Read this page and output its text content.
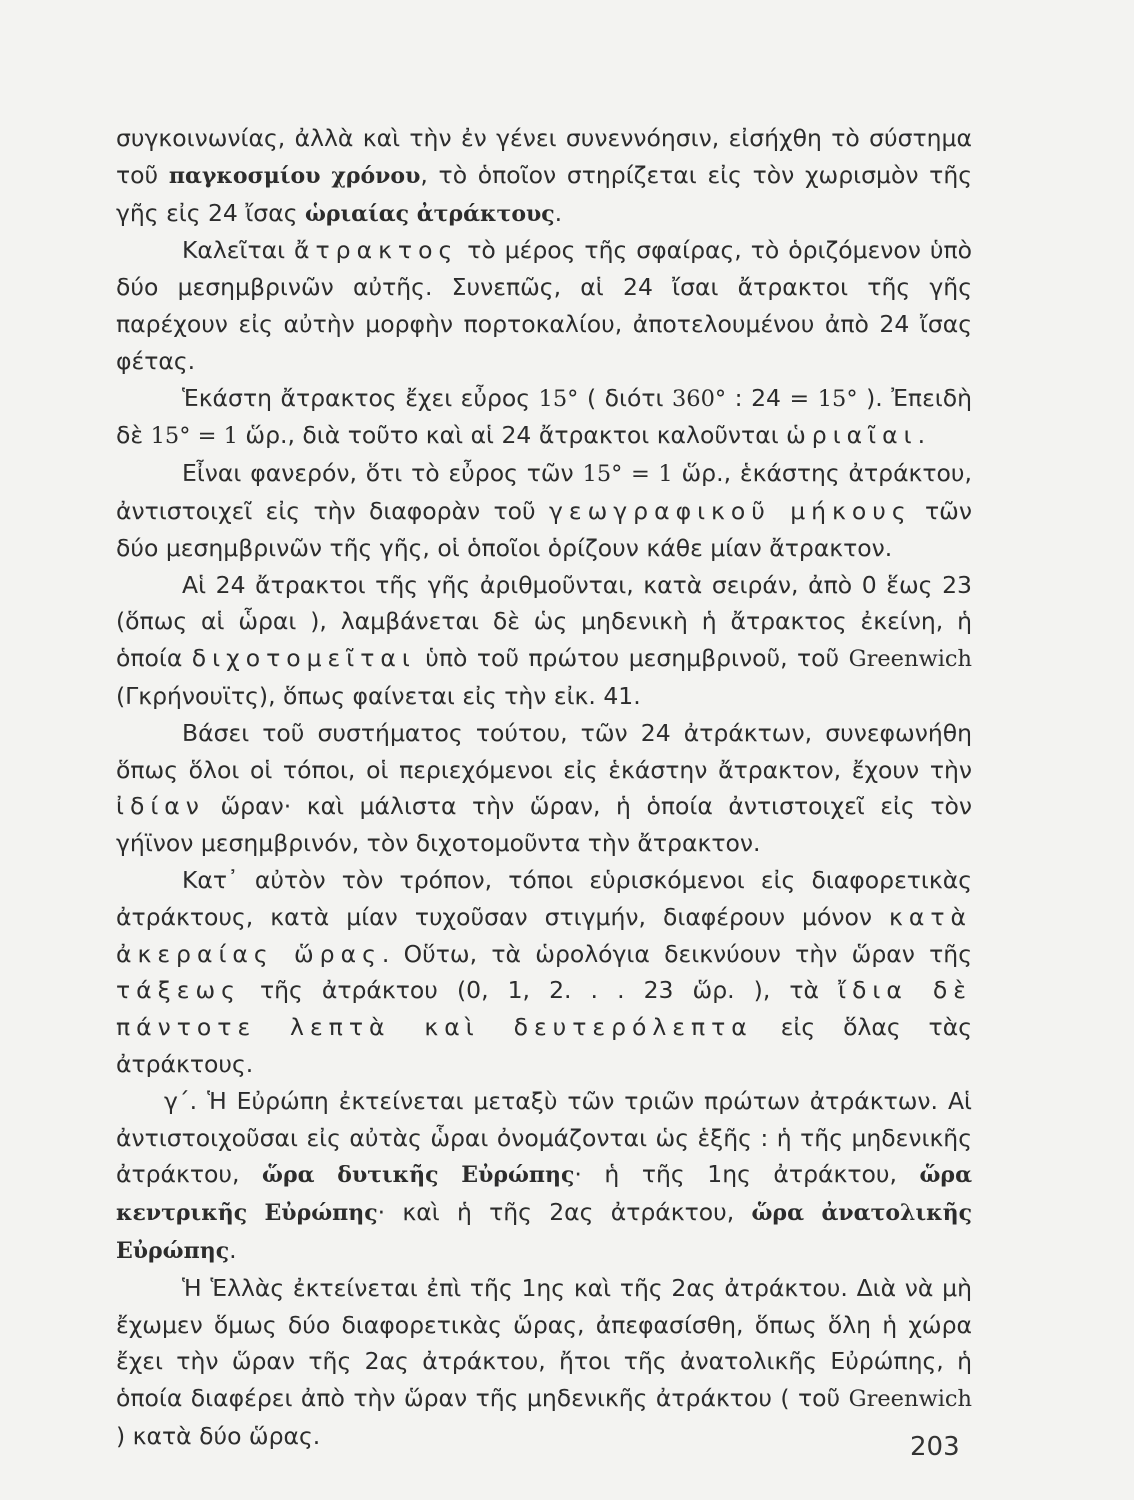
συγκοινωνίας, ἀλλὰ καὶ τὴν ἐν γένει συνεννόησιν, εἰσήχθη τὸ σύστημα τοῦ παγκοσμίου χρόνου, τὸ ὁποῖον στηρίζεται εἰς τὸν χωρισμὸν τῆς γῆς εἰς 24 ἴσας ὡριαίας ἀτράκτους.

Καλεῖται ἄτρακτος τὸ μέρος τῆς σφαίρας, τὸ ὁριζόμενον ὑπὸ δύο μεσημβρινῶν αὐτῆς. Συνεπῶς, αἱ 24 ἴσαι ἄτρακτοι τῆς γῆς παρέχουν εἰς αὐτὴν μορφὴν πορτοκαλίου, ἀποτελουμένου ἀπὸ 24 ἴσας φέτας.

Ἑκάστη ἄτρακτος ἔχει εὖρος 15° ( διότι 360° : 24 = 15° ). Ἐπειδὴ δὲ 15° = 1 ὥρ., διὰ τοῦτο καὶ αἱ 24 ἄτρακτοι καλοῦνται ὡριαῖαι.

Εἶναι φανερόν, ὅτι τὸ εὖρος τῶν 15° = 1 ὥρ., ἑκάστης ἀτράκτου, ἀντιστοιχεῖ εἰς τὴν διαφορὰν τοῦ γεωγραφικοῦ μήκους τῶν δύο μεσημβρινῶν τῆς γῆς, οἱ ὁποῖοι ὁρίζουν κάθε μίαν ἄτρακτον.

Αἱ 24 ἄτρακτοι τῆς γῆς ἀριθμοῦνται, κατὰ σειράν, ἀπὸ 0 ἕως 23 (ὅπως αἱ ὧραι ), λαμβάνεται δὲ ὡς μηδενικὴ ἡ ἄτρακτος ἐκείνη, ἡ ὁποία διχοτομεῖται ὑπὸ τοῦ πρώτου μεσημβρινοῦ, τοῦ Greenwich (Γκρήνουϊτς), ὅπως φαίνεται εἰς τὴν εἰκ. 41.

Βάσει τοῦ συστήματος τούτου, τῶν 24 ἀτράκτων, συνεφωνήθη ὅπως ὅλοι οἱ τόποι, οἱ περιεχόμενοι εἰς ἑκάστην ἄτρακτον, ἔχουν τὴν ἰδίαν ὥραν· καὶ μάλιστα τὴν ὥραν, ἡ ὁποία ἀντιστοιχεῖ εἰς τὸν γήϊνον μεσημβρινόν, τὸν διχοτομοῦντα τὴν ἄτρακτον.

Κατ᾽ αὐτὸν τὸν τρόπον, τόποι εὑρισκόμενοι εἰς διαφορετικὰς ἀτράκτους, κατὰ μίαν τυχοῦσαν στιγμήν, διαφέρουν μόνον κατὰ ἀκεραίας ὥρας. Οὕτω, τὰ ὡρολόγια δεικνύουν τὴν ὥραν τῆς τάξεως τῆς ἀτράκτου (0, 1, 2. . . 23 ὥρ. ), τὰ ἴδια δὲ πάντοτε λεπτὰ καὶ δευτερόλεπτα εἰς ὅλας τὰς ἀτράκτους.

γ΄. Ἡ Εὐρώπη ἐκτείνεται μεταξὺ τῶν τριῶν πρώτων ἀτράκτων. Αἱ ἀντιστοιχοῦσαι εἰς αὐτὰς ὧραι ὀνομάζονται ὡς ἑξῆς : ἡ τῆς μηδενικῆς ἀτράκτου, ὥρα δυτικῆς Εὐρώπης· ἡ τῆς 1ης ἀτράκτου, ὥρα κεντρικῆς Εὐρώπης· καὶ ἡ τῆς 2ας ἀτράκτου, ὥρα ἀνατολικῆς Εὐρώπης.

Ἡ Ἑλλὰς ἐκτείνεται ἐπὶ τῆς 1ης καὶ τῆς 2ας ἀτράκτου. Διὰ νὰ μὴ ἔχωμεν ὅμως δύο διαφορετικὰς ὥρας, ἀπεφασίσθη, ὅπως ὅλη ἡ χώρα ἔχει τὴν ὥραν τῆς 2ας ἀτράκτου, ἤτοι τῆς ἀνατολικῆς Εὐρώπης, ἡ ὁποία διαφέρει ἀπὸ τὴν ὥραν τῆς μηδενικῆς ἀτράκτου ( τοῦ Greenwich ) κατὰ δύο ὥρας.	203
